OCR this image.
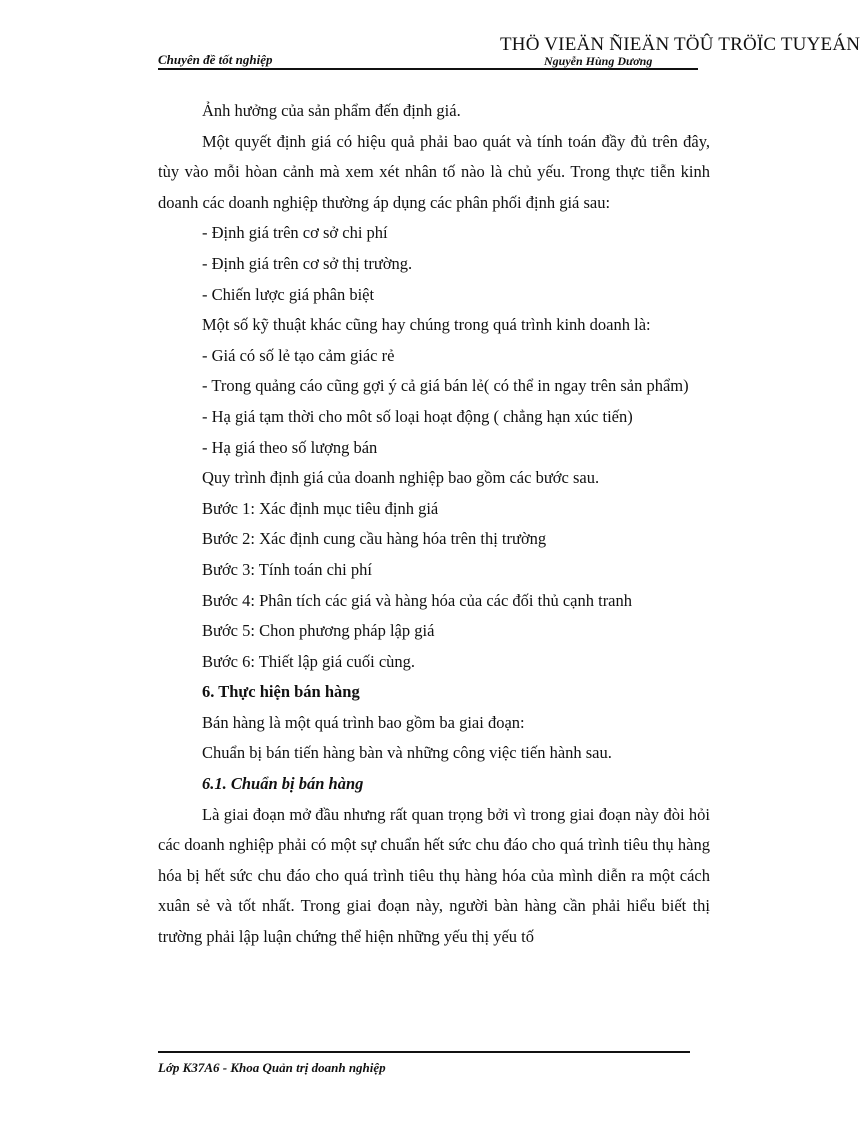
THÖ VIEÄN ÑIEÄN TÖÛ TRÖÏC TUYEÁN
Chuyên đề tốt nghiệp	Nguyễn Hùng Dương

Ảnh hưởng của sản phẩm đến định giá.

Một quyết định giá có hiệu quả phải bao quát và tính toán đầy đủ trên đây, tùy vào mỗi hòan cảnh mà xem xét nhân tố nào là chủ yếu. Trong thực tiễn kinh doanh các doanh nghiệp thường áp dụng các phân phối định giá sau:

- Định giá trên cơ sở chi phí

- Định giá trên cơ sở thị trường.

- Chiến lược giá phân biệt

Một số kỹ thuật khác cũng hay chúng trong quá trình kinh doanh là:

- Giá có số lẻ tạo cảm giác rẻ

- Trong quảng cáo cũng gợi ý cả giá bán lẻ( có thể in ngay trên sản phẩm)

- Hạ giá tạm thời cho môt số loại hoạt động ( chẳng hạn xúc tiến)

- Hạ giá theo số lượng bán

Quy trình định giá của doanh nghiệp bao gồm các bước sau.

Bước 1: Xác định mục tiêu định giá

Bước 2: Xác định cung cầu hàng hóa trên thị trường

Bước 3: Tính toán chi phí

Bước 4: Phân tích các giá và hàng hóa của các đối thủ cạnh tranh

Bước 5: Chon phương pháp lập giá

Bước 6: Thiết lập giá cuối cùng.

6. Thực hiện bán hàng

Bán hàng là một quá trình bao gồm ba giai đoạn:

Chuẩn bị bán tiến hàng bàn và những công việc tiến hành sau.

6.1. Chuẩn bị bán hàng

Là giai đoạn mở đầu nhưng rất quan trọng bởi vì trong giai đoạn này đòi hỏi các doanh nghiệp phải có một sự chuẩn hết sức chu đáo cho quá trình tiêu thụ hàng hóa bị hết sức chu đáo cho quá trình tiêu thụ hàng hóa của mình diễn ra một cách xuân sẻ và tốt nhất. Trong giai đoạn này, người bàn hàng cần phải hiểu biết thị trường phải lập luận chứng thể hiện những yếu thị yếu tố

Lớp K37A6 - Khoa Quản trị doanh nghiệp
